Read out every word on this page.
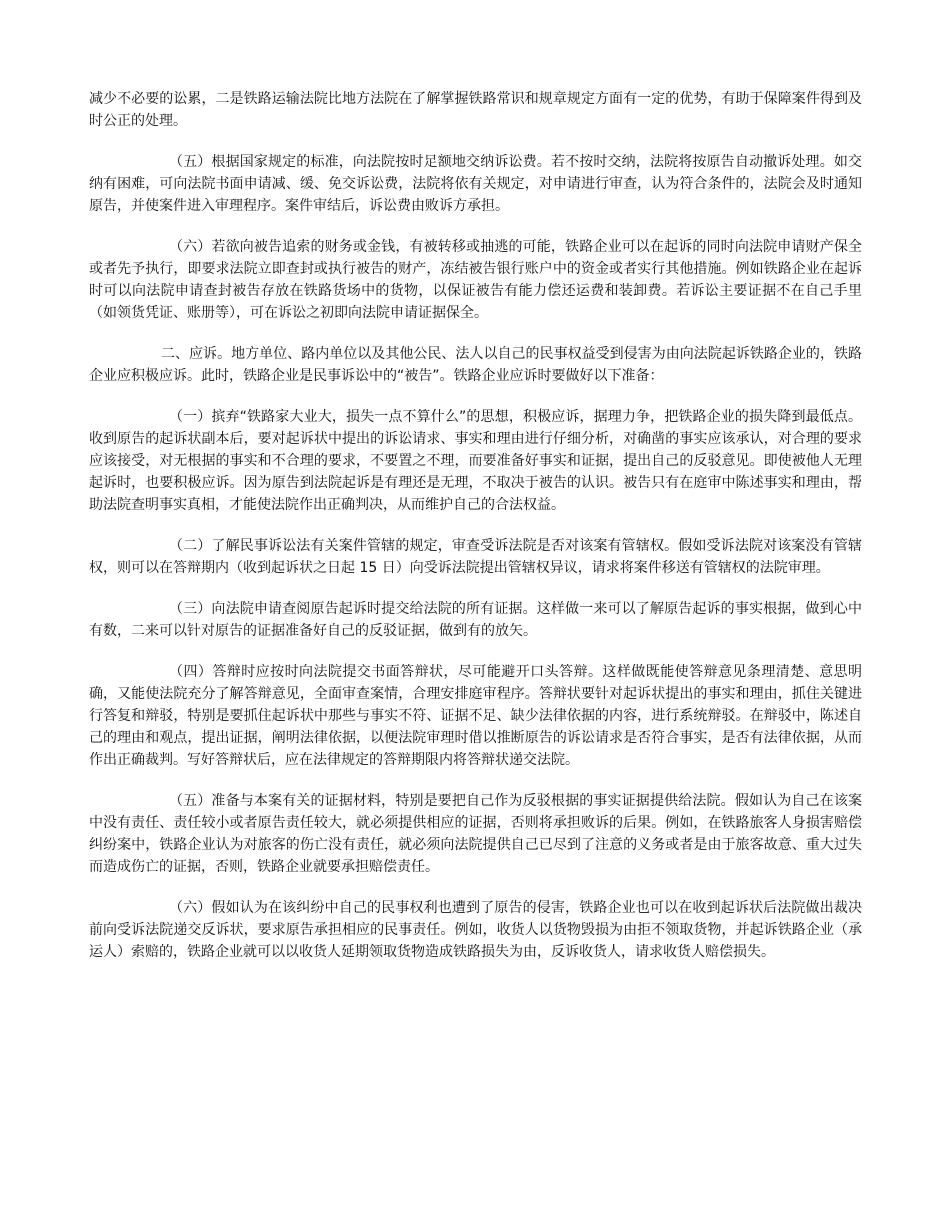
减少不必要的讼累，二是铁路运输法院比地方法院在了解掌握铁路常识和规章规定方面有一定的优势，有助于保障案件得到及时公正的处理。

（五）根据国家规定的标准，向法院按时足额地交纳诉讼费。若不按时交纳，法院将按原告自动撤诉处理。如交纳有困难，可向法院书面申请减、缓、免交诉讼费，法院将依有关规定，对申请进行审查，认为符合条件的，法院会及时通知原告，并使案件进入审理程序。案件审结后，诉讼费由败诉方承担。

（六）若欲向被告追索的财务或金钱，有被转移或抽逃的可能，铁路企业可以在起诉的同时向法院申请财产保全或者先予执行，即要求法院立即查封或执行被告的财产，冻结被告银行账户中的资金或者实行其他措施。例如铁路企业在起诉时可以向法院申请查封被告存放在铁路货场中的货物，以保证被告有能力偿还运费和装卸费。若诉讼主要证据不在自己手里（如领货凭证、账册等），可在诉讼之初即向法院申请证据保全。

二、应诉。地方单位、路内单位以及其他公民、法人以自己的民事权益受到侵害为由向法院起诉铁路企业的，铁路企业应积极应诉。此时，铁路企业是民事诉讼中的“被告”。铁路企业应诉时要做好以下准备：

（一）摈弃“铁路家大业大，损失一点不算什么”的思想，积极应诉，据理力争，把铁路企业的损失降到最低点。收到原告的起诉状副本后，要对起诉状中提出的诉讼请求、事实和理由进行仔细分析，对确凿的事实应该承认，对合理的要求应该接受，对无根据的事实和不合理的要求，不要置之不理，而要准备好事实和证据，提出自己的反驳意见。即使被他人无理起诉时，也要积极应诉。因为原告到法院起诉是有理还是无理，不取决于被告的认识。被告只有在庭审中陈述事实和理由，帮助法院查明事实真相，才能使法院作出正确判决，从而维护自己的合法权益。

（二）了解民事诉讼法有关案件管辖的规定，审查受诉法院是否对该案有管辖权。假如受诉法院对该案没有管辖权，则可以在答辩期内（收到起诉状之日起 15 日）向受诉法院提出管辖权异议，请求将案件移送有管辖权的法院审理。

（三）向法院申请查阅原告起诉时提交给法院的所有证据。这样做一来可以了解原告起诉的事实根据，做到心中有数，二来可以针对原告的证据准备好自己的反驳证据，做到有的放矢。

（四）答辩时应按时向法院提交书面答辩状，尽可能避开口头答辩。这样做既能使答辩意见条理清楚、意思明确，又能使法院充分了解答辩意见，全面审查案情，合理安排庭审程序。答辩状要针对起诉状提出的事实和理由，抓住关键进行答复和辩驳，特别是要抓住起诉状中那些与事实不符、证据不足、缺少法律依据的内容，进行系统辩驳。在辩驳中，陈述自己的理由和观点，提出证据，阐明法律依据，以便法院审理时借以推断原告的诉讼请求是否符合事实，是否有法律依据，从而作出正确裁判。写好答辩状后，应在法律规定的答辩期限内将答辩状递交法院。

（五）准备与本案有关的证据材料，特别是要把自己作为反驳根据的事实证据提供给法院。假如认为自己在该案中没有责任、责任较小或者原告责任较大，就必须提供相应的证据，否则将承担败诉的后果。例如，在铁路旅客人身损害赔偿纠纷案中，铁路企业认为对旅客的伤亡没有责任，就必须向法院提供自己已尽到了注意的义务或者是由于旅客故意、重大过失而造成伤亡的证据，否则，铁路企业就要承担赔偿责任。

（六）假如认为在该纠纷中自己的民事权利也遭到了原告的侵害，铁路企业也可以在收到起诉状后法院做出裁决前向受诉法院递交反诉状，要求原告承担相应的民事责任。例如，收货人以货物毁损为由拒不领取货物，并起诉铁路企业（承运人）索赔的，铁路企业就可以以收货人延期领取货物造成铁路损失为由，反诉收货人，请求收货人赔偿损失。
